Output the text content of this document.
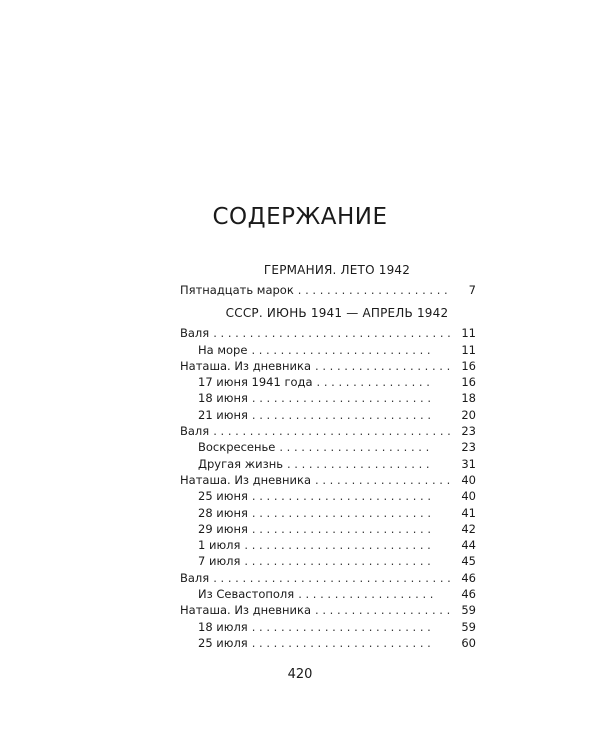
СОДЕРЖАНИЕ
ГЕРМАНИЯ. ЛЕТО 1942
Пятнадцать марок . . .	7
СССР. ИЮНЬ 1941 — АПРЕЛЬ 1942
Валя . . .	11
На море . . .	11
Наташа. Из дневника . . .	16
17 июня 1941 года . . .	16
18 июня . . .	18
21 июня . . .	20
Валя . . .	23
Воскресенье . . .	23
Другая жизнь . . .	31
Наташа. Из дневника . . .	40
25 июня . . .	40
28 июня . . .	41
29 июня . . .	42
1 июля . . .	44
7 июля . . .	45
Валя . . .	46
Из Севастополя . . .	46
Наташа. Из дневника . . .	59
18 июля . . .	59
25 июля . . .	60
420
